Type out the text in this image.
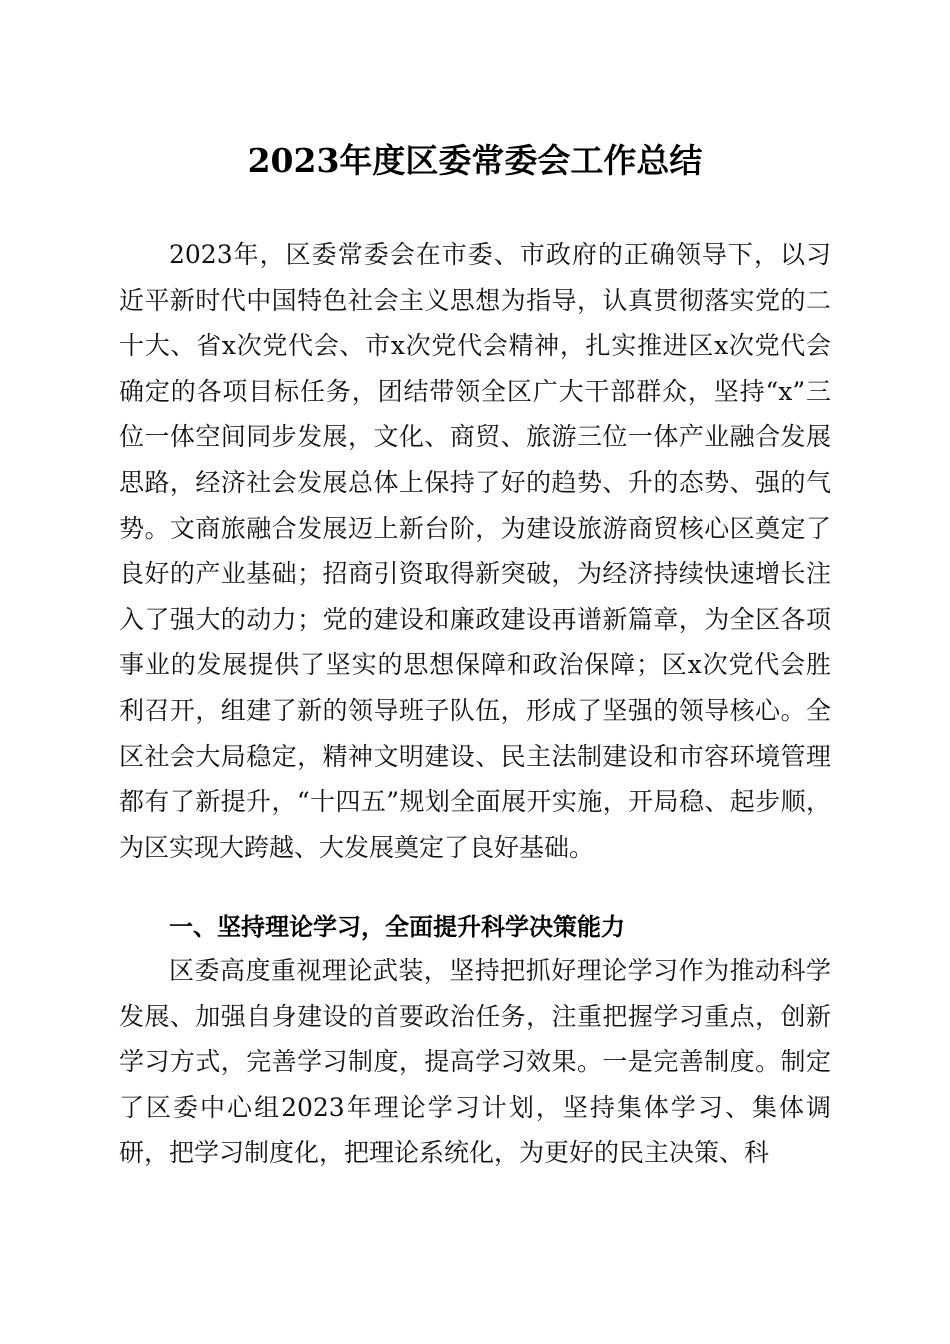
2023年度区委常委会工作总结

2023年，区委常委会在市委、市政府的正确领导下，以习近平新时代中国特色社会主义思想为指导，认真贯彻落实党的二十大、省x次党代会、市x次党代会精神，扎实推进区x次党代会确定的各项目标任务，团结带领全区广大干部群众，坚持“x”三位一体空间同步发展，文化、商贸、旅游三位一体产业融合发展思路，经济社会发展总体上保持了好的趋势、升的态势、强的气势。文商旅融合发展迈上新台阶，为建设旅游商贸核心区奠定了良好的产业基础；招商引资取得新突破，为经济持续快速增长注入了强大的动力；党的建设和廉政建设再谱新篇章，为全区各项事业的发展提供了坚实的思想保障和政治保障；区x次党代会胜利召开，组建了新的领导班子队伍，形成了坚强的领导核心。全区社会大局稳定，精神文明建设、民主法制建设和市容环境管理都有了新提升，“十四五”规划全面展开实施，开局稳、起步顺，为区实现大跨越、大发展奠定了良好基础。

一、坚持理论学习，全面提升科学决策能力

区委高度重视理论武装，坚持把抓好理论学习作为推动科学发展、加强自身建设的首要政治任务，注重把握学习重点，创新学习方式，完善学习制度，提高学习效果。一是完善制度。制定了区委中心组2023年理论学习计划，坚持集体学习、集体调研，把学习制度化，把理论系统化，为更好的民主决策、科
